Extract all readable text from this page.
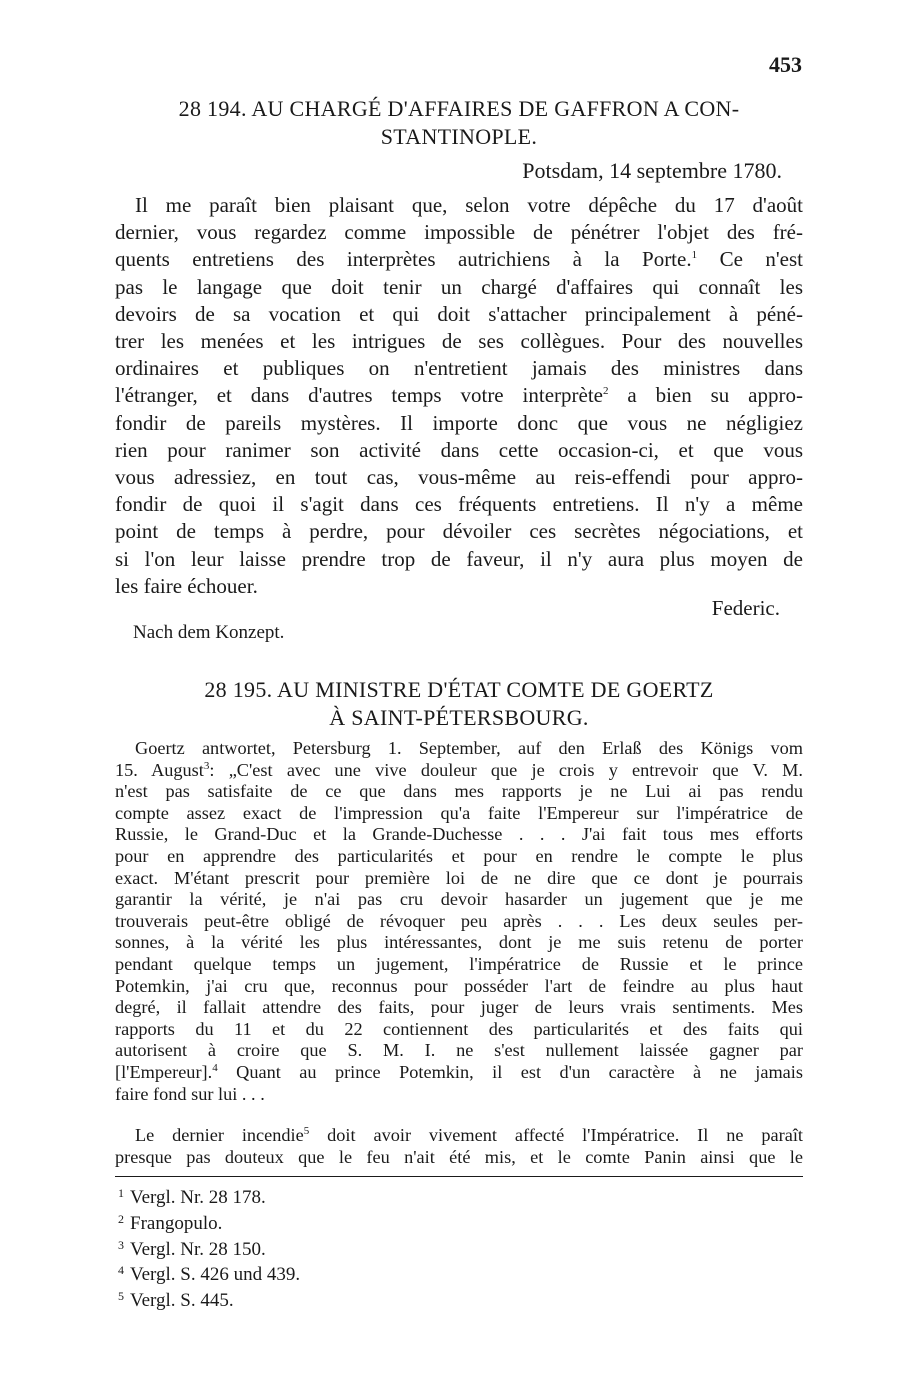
453
28 194. AU CHARGÉ D'AFFAIRES DE GAFFRON A CON-
STANTINOPLE.
Potsdam, 14 septembre 1780.
Il me paraît bien plaisant que, selon votre dépêche du 17 d'août
dernier, vous regardez comme impossible de pénétrer l'objet des fré-
quents entretiens des interprètes autrichiens à la Porte.$^1$ Ce n'est
pas le langage que doit tenir un chargé d'affaires qui connaît les
devoirs de sa vocation et qui doit s'attacher principalement à péné-
trer les menées et les intrigues de ses collègues. Pour des nouvelles
ordinaires et publiques on n'entretient jamais des ministres dans
l'étranger, et dans d'autres temps votre interprète$^2$ a bien su appro-
fondir de pareils mystères. Il importe donc que vous ne négligiez
rien pour ranimer son activité dans cette occasion-ci, et que vous
vous adressiez, en tout cas, vous-même au reis-effendi pour appro-
fondir de quoi il s'agit dans ces fréquents entretiens. Il n'y a même
point de temps à perdre, pour dévoiler ces secrètes négociations, et
si l'on leur laisse prendre trop de faveur, il n'y aura plus moyen de
les faire échouer.
Federic.
Nach dem Konzept.
28 195. AU MINISTRE D'ÉTAT COMTE DE GOERTZ
À SAINT-PÉTERSBOURG.
Goertz antwortet, Petersburg 1. September, auf den Erlaß des Königs vom
15. August$^3$: „C'est avec une vive douleur que je crois y entrevoir que V. M.
n'est pas satisfaite de ce que dans mes rapports je ne Lui ai pas rendu
compte assez exact de l'impression qu'a faite l'Empereur sur l'impératrice de
Russie, le Grand-Duc et la Grande-Duchesse . . . J'ai fait tous mes efforts
pour en apprendre des particularités et pour en rendre le compte le plus
exact. M'étant prescrit pour première loi de ne dire que ce dont je pourrais
garantir la vérité, je n'ai pas cru devoir hasarder un jugement que je me
trouverais peut-être obligé de révoquer peu après . . . Les deux seules per-
sonnes, à la vérité les plus intéressantes, dont je me suis retenu de porter
pendant quelque temps un jugement, l'impératrice de Russie et le prince
Potemkin, j'ai cru que, reconnus pour posséder l'art de feindre au plus haut
degré, il fallait attendre des faits, pour juger de leurs vrais sentiments. Mes
rapports du 11 et du 22 contiennent des particularités et des faits qui
autorisent à croire que S. M. I. ne s'est nullement laissée gagner par
[l'Empereur].$^4$ Quant au prince Potemkin, il est d'un caractère à ne jamais
faire fond sur lui . . .
Le dernier incendie$^5$ doit avoir vivement affecté l'Impératrice. Il ne paraît
presque pas douteux que le feu n'ait été mis, et le comte Panin ainsi que le
1 Vergl. Nr. 28 178.
2 Frangopulo.
3 Vergl. Nr. 28 150.
4 Vergl. S. 426 und 439.
5 Vergl. S. 445.
